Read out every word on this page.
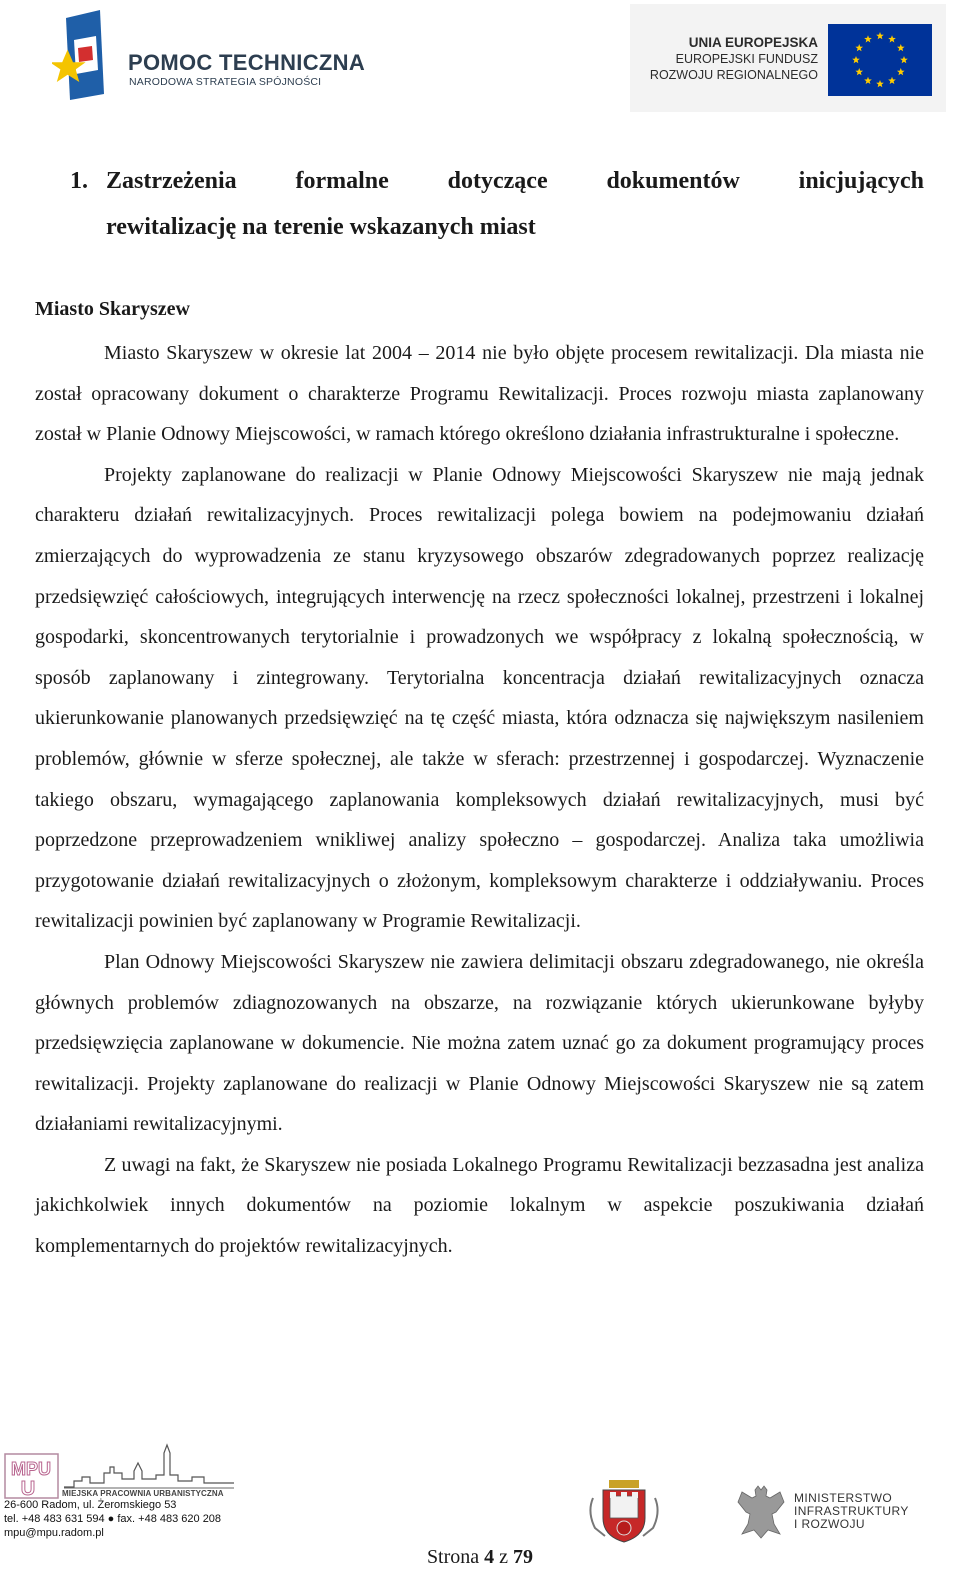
POMOC TECHNICZNA
NARODOWA STRATEGIA SPÓJNOŚCI
UNIA EUROPEJSKA
EUROPEJSKI FUNDUSZ
ROZWOJU REGIONALNEGO
1. Zastrzeżenia formalne dotyczące dokumentów inicjujących
rewitalizację na terenie wskazanych miast
Miasto Skaryszew

Miasto Skaryszew w okresie lat 2004 – 2014 nie było objęte procesem rewitalizacji. Dla miasta nie został opracowany dokument o charakterze Programu Rewitalizacji. Proces rozwoju miasta zaplanowany został w Planie Odnowy Miejscowości, w ramach którego określono działania infrastrukturalne i społeczne.

Projekty zaplanowane do realizacji w Planie Odnowy Miejscowości Skaryszew nie mają jednak charakteru działań rewitalizacyjnych. Proces rewitalizacji polega bowiem na podejmowaniu działań zmierzających do wyprowadzenia ze stanu kryzysowego obszarów zdegradowanych poprzez realizację przedsięwzięć całościowych, integrujących interwencję na rzecz społeczności lokalnej, przestrzeni i lokalnej gospodarki, skoncentrowanych terytorialnie i prowadzonych we współpracy z lokalną społecznością, w sposób zaplanowany i zintegrowany. Terytorialna koncentracja działań rewitalizacyjnych oznacza ukierunkowanie planowanych przedsięwzięć na tę część miasta, która odznacza się największym nasileniem problemów, głównie w sferze społecznej, ale także w sferach: przestrzennej i gospodarczej. Wyznaczenie takiego obszaru, wymagającego zaplanowania kompleksowych działań rewitalizacyjnych, musi być poprzedzone przeprowadzeniem wnikliwej analizy społeczno – gospodarczej. Analiza taka umożliwia przygotowanie działań rewitalizacyjnych o złożonym, kompleksowym charakterze i oddziaływaniu. Proces rewitalizacji powinien być zaplanowany w Programie Rewitalizacji.

Plan Odnowy Miejscowości Skaryszew nie zawiera delimitacji obszaru zdegradowanego, nie określa głównych problemów zdiagnozowanych na obszarze, na rozwiązanie których ukierunkowane byłyby przedsięwzięcia zaplanowane w dokumencie. Nie można zatem uznać go za dokument programujący proces rewitalizacji. Projekty zaplanowane do realizacji w Planie Odnowy Miejscowości Skaryszew nie są zatem działaniami rewitalizacyjnymi.

Z uwagi na fakt, że Skaryszew nie posiada Lokalnego Programu Rewitalizacji bezzasadna jest analiza jakichkolwiek innych dokumentów na poziomie lokalnym w aspekcie poszukiwania działań komplementarnych do projektów rewitalizacyjnych.

MPU
U	MIEJSKA PRACOWNIA URBANISTYCZNA
26-600 Radom, ul. Żeromskiego 53
tel. +48 483 631 594 ● fax. +48 483 620 208
mpu@mpu.radom.pl
MINISTERSTWO
INFRASTRUKTURY
I ROZWOJU
Strona 4 z 79
